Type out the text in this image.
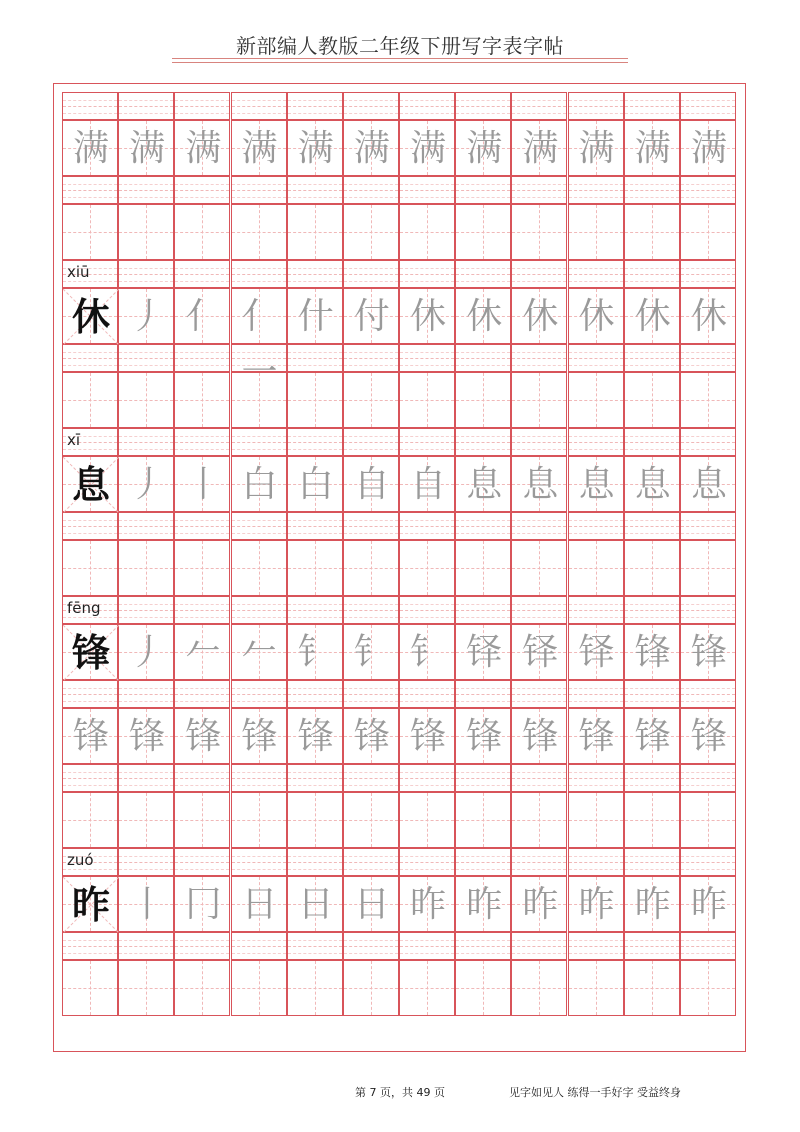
新部编人教版二年级下册写字表字帖
满 满 满 满 满 满 满 满 满 满 满 满
xiū
休 丿 亻 亻一
什 付 休 休 休 休 休 休
xī
息 丿 丨 白 白 自 自 息 息 息 息 息
fēng
锋 丿 𠂉 𠂉 钅 钅 钅 铎 铎 铎 锋 锋
锋 锋 锋 锋 锋 锋 锋 锋 锋 锋 锋 锋
zuó
昨 丨 冂 日 日 日 昨 昨 昨 昨 昨 昨
第 7 页，共 49 页	见字如见人 练得一手好字 受益终身
